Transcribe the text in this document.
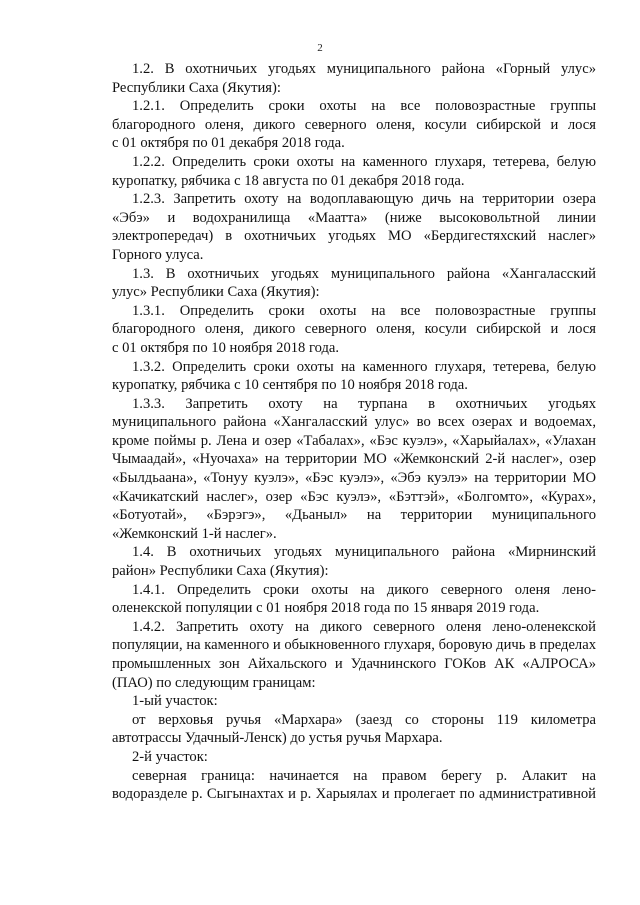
2
1.2. В охотничьих угодьях муниципального района «Горный улус»
Республики Саха (Якутия):
1.2.1. Определить сроки охоты на все половозрастные группы
благородного оленя, дикого северного оленя, косули сибирской и лося
с 01 октября по 01 декабря 2018 года.
1.2.2. Определить сроки охоты на каменного глухаря, тетерева, белую
куропатку, рябчика с 18 августа по 01 декабря 2018 года.
1.2.3. Запретить охоту на водоплавающую дичь на территории озера
«Эбэ» и водохранилища «Маатта» (ниже высоковольтной линии
электропередач) в охотничьих угодьях МО «Бердигестяхский наслег»
Горного улуса.
1.3. В охотничьих угодьях муниципального района «Хангаласский
улус» Республики Саха (Якутия):
1.3.1. Определить сроки охоты на все половозрастные группы
благородного оленя, дикого северного оленя, косули сибирской и лося
с 01 октября по 10 ноября 2018 года.
1.3.2. Определить сроки охоты на каменного глухаря, тетерева, белую
куропатку, рябчика с 10 сентября по 10 ноября 2018 года.
1.3.3. Запретить охоту на турпана в охотничьих угодьях
муниципального района «Хангаласский улус» во всех озерах и водоемах,
кроме поймы р. Лена и озер «Табалах», «Бэс куэлэ», «Харыйалах», «Улахан
Чымаадай», «Нуочаха» на территории МО «Жемконский 2-й наслег», озер
«Былдьаана», «Тонуу куэлэ», «Бэс куэлэ», «Эбэ куэлэ» на территории МО
«Качикатский наслег», озер «Бэс куэлэ», «Бэттэй», «Болгомто», «Курах»,
«Ботуотай», «Бэрэгэ», «Дьаныл» на территории муниципального
«Жемконский 1-й наслег».
1.4. В охотничьих угодьях муниципального района «Мирнинский
район» Республики Саха (Якутия):
1.4.1. Определить сроки охоты на дикого северного оленя лено-
оленекской популяции с 01 ноября 2018 года по 15 января 2019 года.
1.4.2. Запретить охоту на дикого северного оленя лено-оленекской
популяции, на каменного и обыкновенного глухаря, боровую дичь в пределах
промышленных зон Айхальского и Удачнинского ГОКов АК «АЛРОСА»
(ПАО) по следующим границам:
1-ый участок:
от верховья ручья «Мархара» (заезд со стороны 119 километра
автотрассы Удачный-Ленск) до устья ручья Мархара.
2-й участок:
северная граница: начинается на правом берегу р. Алакит на
водоразделе р. Сыгынахтах и р. Харыялах и пролегает по административной
